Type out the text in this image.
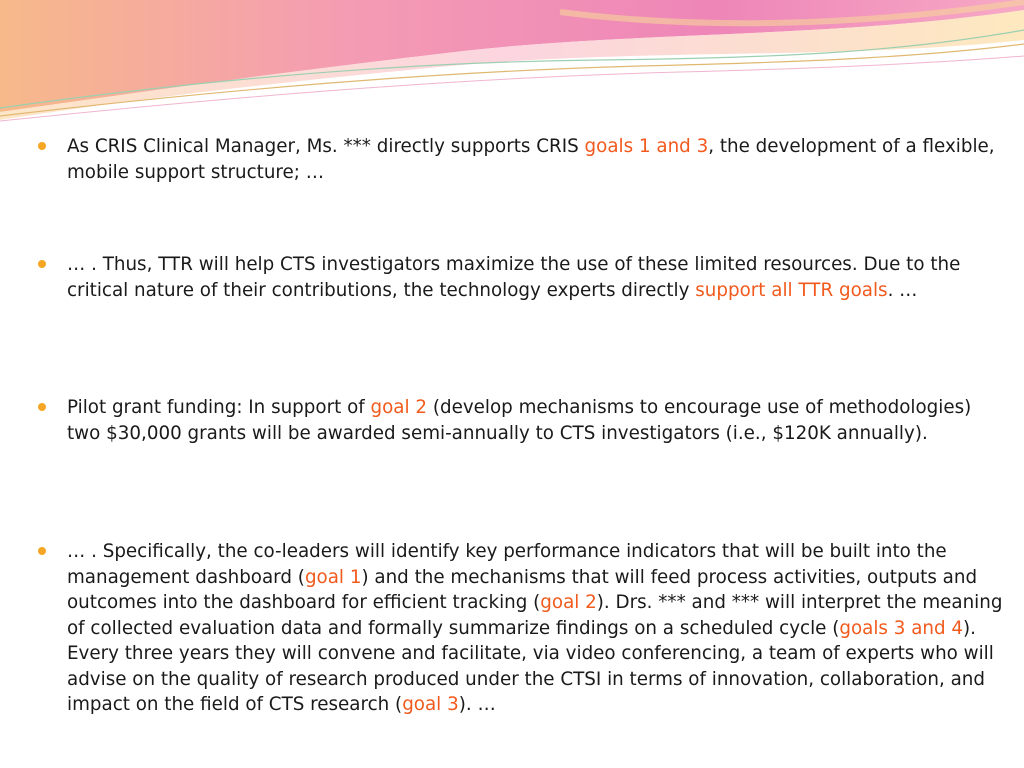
As CRIS Clinical Manager, Ms. *** directly supports CRIS goals 1 and 3, the development of a flexible, mobile support structure; …
… . Thus, TTR will help CTS investigators maximize the use of these limited resources. Due to the critical nature of their contributions, the technology experts directly support all TTR goals. …
Pilot grant funding: In support of goal 2 (develop mechanisms to encourage use of methodologies) two $30,000 grants will be awarded semi-annually to CTS investigators (i.e., $120K annually).
… . Specifically, the co-leaders will identify key performance indicators that will be built into the management dashboard (goal 1) and the mechanisms that will feed process activities, outputs and outcomes into the dashboard for efficient tracking (goal 2). Drs. *** and *** will interpret the meaning of collected evaluation data and formally summarize findings on a scheduled cycle (goals 3 and 4). Every three years they will convene and facilitate, via video conferencing, a team of experts who will advise on the quality of research produced under the CTSI in terms of innovation, collaboration, and impact on the field of CTS research (goal 3). …
